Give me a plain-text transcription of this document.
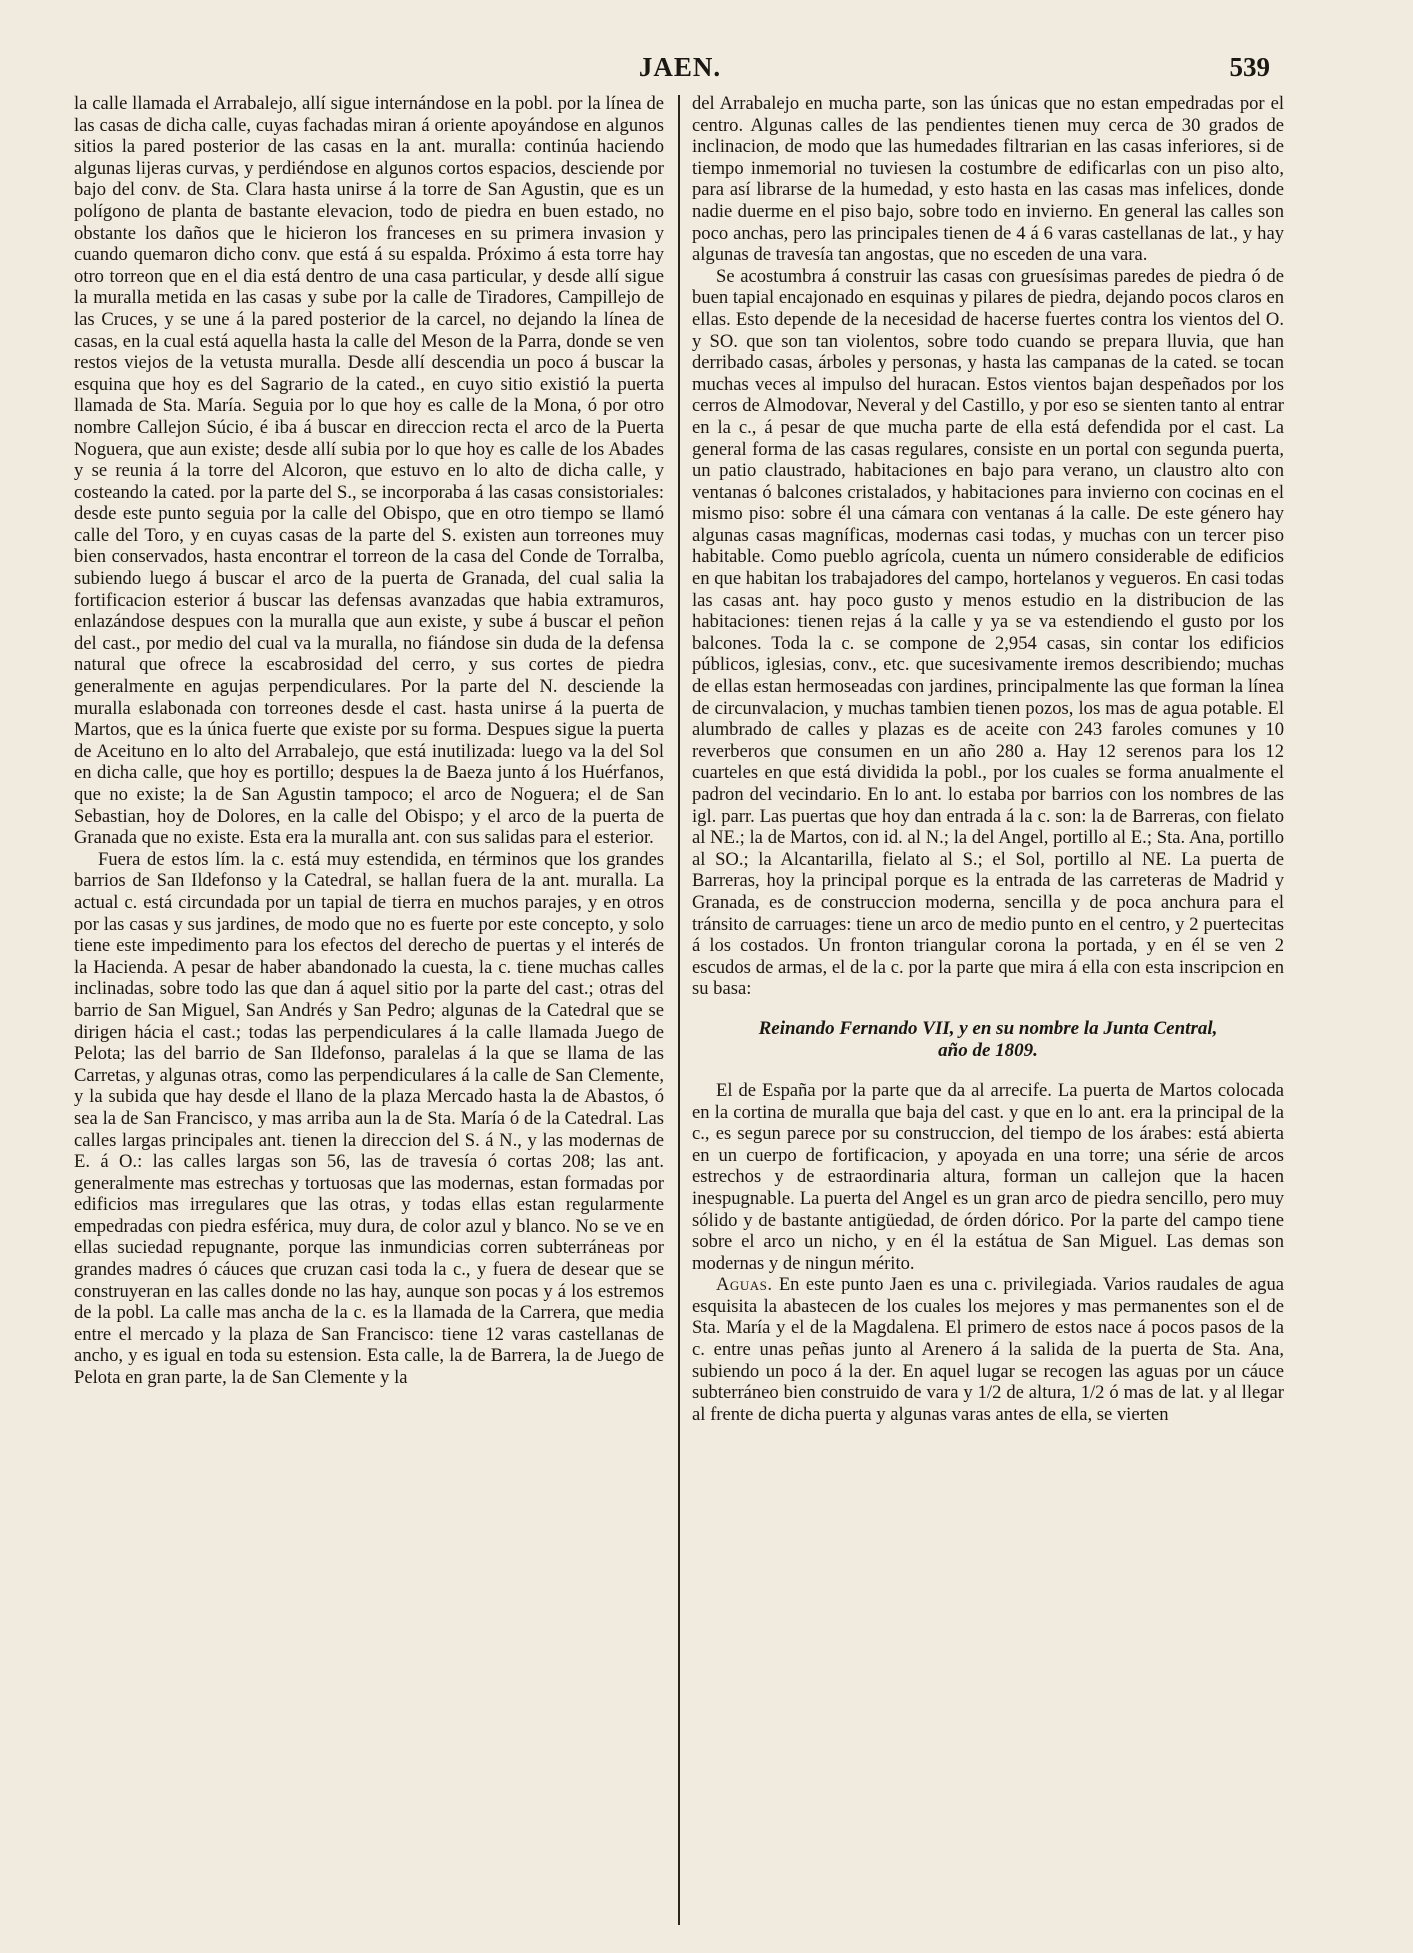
JAEN.	539

la calle llamada el Arrabalejo, allí sigue internándose en la pobl. por la línea de las casas de dicha calle, cuyas fachadas miran á oriente apoyándose en algunos sitios la pared posterior de las casas en la ant. muralla: continúa haciendo algunas lijeras curvas, y perdiéndose en algunos cortos espacios, desciende por bajo del conv. de Sta. Clara hasta unirse á la torre de San Agustin, que es un polígono de planta de bastante elevacion, todo de piedra en buen estado, no obstante los daños que le hicieron los franceses en su primera invasion y cuando quemaron dicho conv. que está á su espalda. Próximo á esta torre hay otro torreon que en el dia está dentro de una casa particular, y desde allí sigue la muralla metida en las casas y sube por la calle de Tiradores, Campillejo de las Cruces, y se une á la pared posterior de la carcel, no dejando la línea de casas, en la cual está aquella hasta la calle del Meson de la Parra, donde se ven restos viejos de la vetusta muralla. Desde allí descendia un poco á buscar la esquina que hoy es del Sagrario de la cated., en cuyo sitio existió la puerta llamada de Sta. María. Seguia por lo que hoy es calle de la Mona, ó por otro nombre Callejon Súcio, é iba á buscar en direccion recta el arco de la Puerta Noguera, que aun existe; desde allí subia por lo que hoy es calle de los Abades y se reunia á la torre del Alcoron, que estuvo en lo alto de dicha calle, y costeando la cated. por la parte del S., se incorporaba á las casas consistoriales: desde este punto seguia por la calle del Obispo, que en otro tiempo se llamó calle del Toro, y en cuyas casas de la parte del S. existen aun torreones muy bien conservados, hasta encontrar el torreon de la casa del Conde de Torralba, subiendo luego á buscar el arco de la puerta de Granada, del cual salia la fortificacion esterior á buscar las defensas avanzadas que habia extramuros, enlazándose despues con la muralla que aun existe, y sube á buscar el peñon del cast., por medio del cual va la muralla, no fiándose sin duda de la defensa natural que ofrece la escabrosidad del cerro, y sus cortes de piedra generalmente en agujas perpendiculares. Por la parte del N. desciende la muralla eslabonada con torreones desde el cast. hasta unirse á la puerta de Martos, que es la única fuerte que existe por su forma. Despues sigue la puerta de Aceituno en lo alto del Arrabalejo, que está inutilizada: luego va la del Sol en dicha calle, que hoy es portillo; despues la de Baeza junto á los Huérfanos, que no existe; la de San Agustin tampoco; el arco de Noguera; el de San Sebastian, hoy de Dolores, en la calle del Obispo; y el arco de la puerta de Granada que no existe. Esta era la muralla ant. con sus salidas para el esterior.

Fuera de estos lím. la c. está muy estendida, en términos que los grandes barrios de San Ildefonso y la Catedral, se hallan fuera de la ant. muralla. La actual c. está circundada por un tapial de tierra en muchos parajes, y en otros por las casas y sus jardines, de modo que no es fuerte por este concepto, y solo tiene este impedimento para los efectos del derecho de puertas y el interés de la Hacienda. A pesar de haber abandonado la cuesta, la c. tiene muchas calles inclinadas, sobre todo las que dan á aquel sitio por la parte del cast.; otras del barrio de San Miguel, San Andrés y San Pedro; algunas de la Catedral que se dirigen hácia el cast.; todas las perpendiculares á la calle llamada Juego de Pelota; las del barrio de San Ildefonso, paralelas á la que se llama de las Carretas, y algunas otras, como las perpendiculares á la calle de San Clemente, y la subida que hay desde el llano de la plaza Mercado hasta la de Abastos, ó sea la de San Francisco, y mas arriba aun la de Sta. María ó de la Catedral. Las calles largas principales ant. tienen la direccion del S. á N., y las modernas de E. á O.: las calles largas son 56, las de travesía ó cortas 208; las ant. generalmente mas estrechas y tortuosas que las modernas, estan formadas por edificios mas irregulares que las otras, y todas ellas estan regularmente empedradas con piedra esférica, muy dura, de color azul y blanco. No se ve en ellas suciedad repugnante, porque las inmundicias corren subterráneas por grandes madres ó cáuces que cruzan casi toda la c., y fuera de desear que se construyeran en las calles donde no las hay, aunque son pocas y á los estremos de la pobl. La calle mas ancha de la c. es la llamada de la Carrera, que media entre el mercado y la plaza de San Francisco: tiene 12 varas castellanas de ancho, y es igual en toda su estension. Esta calle, la de Barrera, la de Juego de Pelota en gran parte, la de San Clemente y la

del Arrabalejo en mucha parte, son las únicas que no estan empedradas por el centro. Algunas calles de las pendientes tienen muy cerca de 30 grados de inclinacion, de modo que las humedades filtrarian en las casas inferiores, si de tiempo inmemorial no tuviesen la costumbre de edificarlas con un piso alto, para así librarse de la humedad, y esto hasta en las casas mas infelices, donde nadie duerme en el piso bajo, sobre todo en invierno. En general las calles son poco anchas, pero las principales tienen de 4 á 6 varas castellanas de lat., y hay algunas de travesía tan angostas, que no esceden de una vara.

Se acostumbra á construir las casas con gruesísimas paredes de piedra ó de buen tapial encajonado en esquinas y pilares de piedra, dejando pocos claros en ellas. Esto depende de la necesidad de hacerse fuertes contra los vientos del O. y SO. que son tan violentos, sobre todo cuando se prepara lluvia, que han derribado casas, árboles y personas, y hasta las campanas de la cated. se tocan muchas veces al impulso del huracan. Estos vientos bajan despeñados por los cerros de Almodovar, Neveral y del Castillo, y por eso se sienten tanto al entrar en la c., á pesar de que mucha parte de ella está defendida por el cast. La general forma de las casas regulares, consiste en un portal con segunda puerta, un patio claustrado, habitaciones en bajo para verano, un claustro alto con ventanas ó balcones cristalados, y habitaciones para invierno con cocinas en el mismo piso: sobre él una cámara con ventanas á la calle. De este género hay algunas casas magníficas, modernas casi todas, y muchas con un tercer piso habitable. Como pueblo agrícola, cuenta un número considerable de edificios en que habitan los trabajadores del campo, hortelanos y vegueros. En casi todas las casas ant. hay poco gusto y menos estudio en la distribucion de las habitaciones: tienen rejas á la calle y ya se va estendiendo el gusto por los balcones. Toda la c. se compone de 2,954 casas, sin contar los edificios públicos, iglesias, conv., etc. que sucesivamente iremos describiendo; muchas de ellas estan hermoseadas con jardines, principalmente las que forman la línea de circunvalacion, y muchas tambien tienen pozos, los mas de agua potable. El alumbrado de calles y plazas es de aceite con 243 faroles comunes y 10 reverberos que consumen en un año 280 a. Hay 12 serenos para los 12 cuarteles en que está dividida la pobl., por los cuales se forma anualmente el padron del vecindario. En lo ant. lo estaba por barrios con los nombres de las igl. parr. Las puertas que hoy dan entrada á la c. son: la de Barreras, con fielato al NE.; la de Martos, con id. al N.; la del Angel, portillo al E.; Sta. Ana, portillo al SO.; la Alcantarilla, fielato al S.; el Sol, portillo al NE. La puerta de Barreras, hoy la principal porque es la entrada de las carreteras de Madrid y Granada, es de construccion moderna, sencilla y de poca anchura para el tránsito de carruages: tiene un arco de medio punto en el centro, y 2 puertecitas á los costados. Un fronton triangular corona la portada, y en él se ven 2 escudos de armas, el de la c. por la parte que mira á ella con esta inscripcion en su basa:

Reinando Fernando VII, y en su nombre la Junta Central,
año de 1809.

El de España por la parte que da al arrecife. La puerta de Martos colocada en la cortina de muralla que baja del cast. y que en lo ant. era la principal de la c., es segun parece por su construccion, del tiempo de los árabes: está abierta en un cuerpo de fortificacion, y apoyada en una torre; una série de arcos estrechos y de estraordinaria altura, forman un callejon que la hacen inespugnable. La puerta del Angel es un gran arco de piedra sencillo, pero muy sólido y de bastante antigüedad, de órden dórico. Por la parte del campo tiene sobre el arco un nicho, y en él la estátua de San Miguel. Las demas son modernas y de ningun mérito.

Aguas. En este punto Jaen es una c. privilegiada. Varios raudales de agua esquisita la abastecen de los cuales los mejores y mas permanentes son el de Sta. María y el de la Magdalena. El primero de estos nace á pocos pasos de la c. entre unas peñas junto al Arenero á la salida de la puerta de Sta. Ana, subiendo un poco á la der. En aquel lugar se recogen las aguas por un cáuce subterráneo bien construido de vara y 1/2 de altura, 1/2 ó mas de lat. y al llegar al frente de dicha puerta y algunas varas antes de ella, se vierten
